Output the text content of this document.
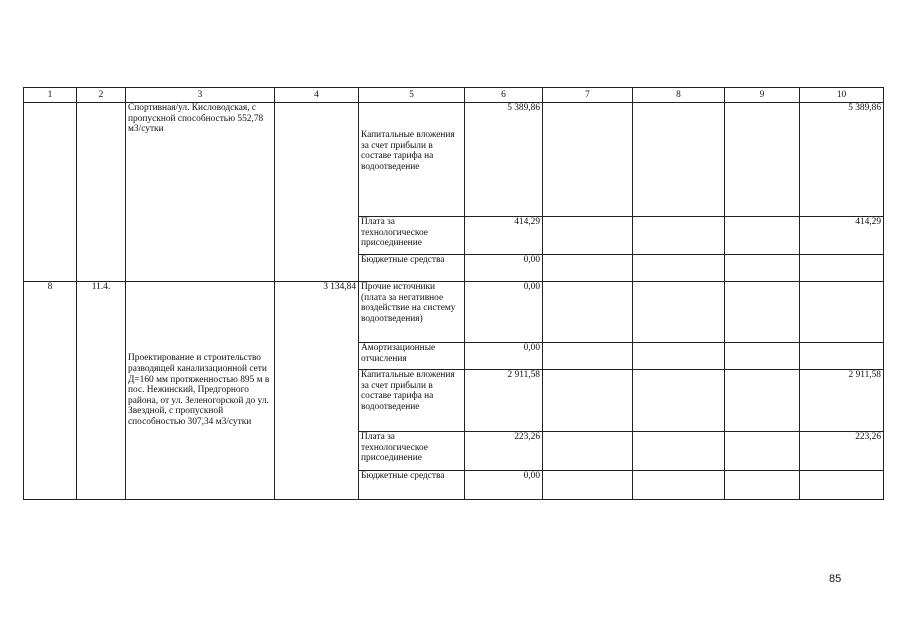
1	2	3	4	5	6	7	8	9	10
		Спортивная/ул. Кисловодская, с пропускной способностью 552,78 м3/сутки		Капитальные вложения за счет прибыли в составе тарифа на водоотведение	5 389,86				5 389,86
				Плата за технологическое присоединение	414,29				414,29
				Бюджетные средства	0,00				
8	11.4.	Проектирование и строительство разводящей канализационной сети Д=160 мм протяженностью 895 м в пос. Нежинский, Предгорного района, от ул. Зеленогорской до ул. Звездной, с пропускной способностью 307,34 м3/сутки	3 134,84	Прочие источники (плата за негативное воздействие на систему водоотведения)	0,00				
				Амортизационные отчисления	0,00				
				Капитальные вложения за счет прибыли в составе тарифа на водоотведение	2 911,58				2 911,58
				Плата за технологическое присоединение	223,26				223,26
				Бюджетные средства	0,00				
85
